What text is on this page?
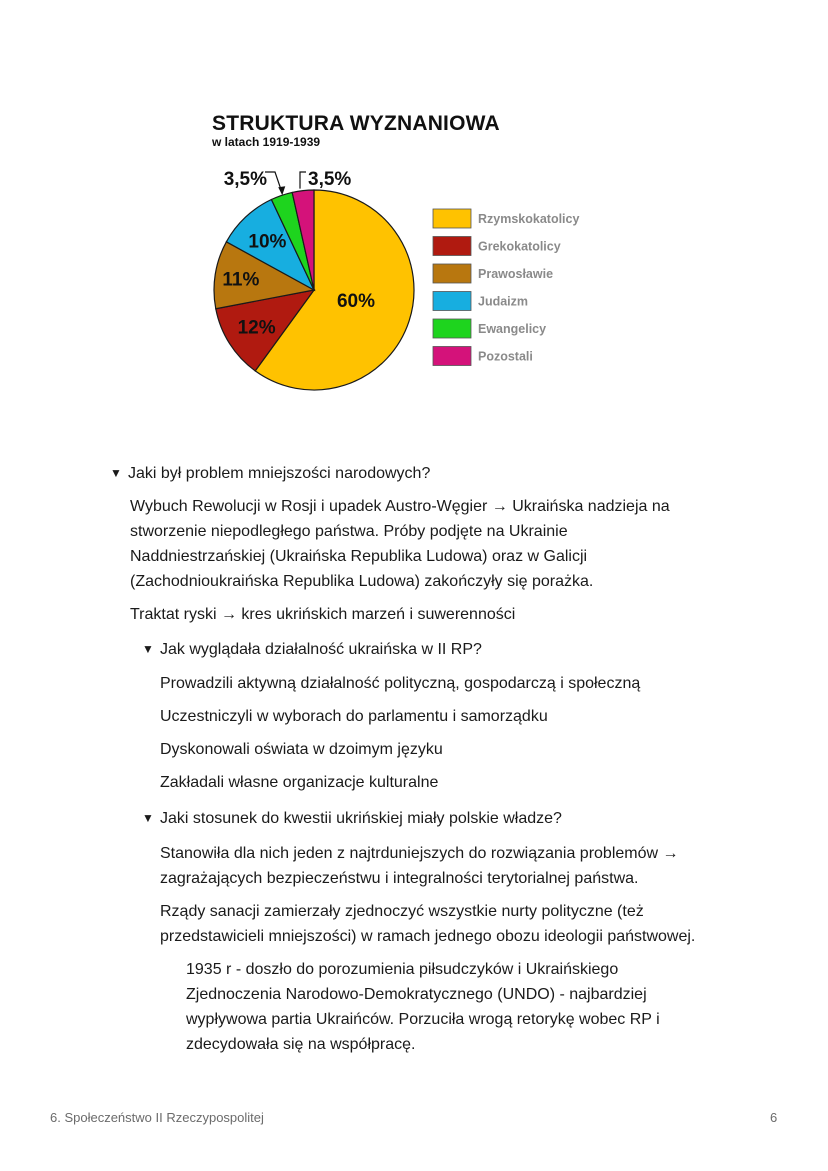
STRUKTURA WYZNANIOWA
w latach 1919-1939
60%
12%
11%
10%
3,5% 3,5%
Rzymskokatolicy
Grekokatolicy
Prawosławie
Judaizm
Ewangelicy
Pozostali
▼ Jaki był problem mniejszości narodowych?
Wybuch Rewolucji w Rosji i upadek Austro-Węgier → Ukraińska nadzieja na
stworzenie niepodległego państwa. Próby podjęte na Ukrainie
Naddniestrzańskiej (Ukraińska Republika Ludowa) oraz w Galicji
(Zachodnioukraińska Republika Ludowa) zakończyły się porażka.
Traktat ryski → kres ukrińskich marzeń i suwerenności
▼ Jak wyglądała działalność ukraińska w II RP?
Prowadzili aktywną działalność polityczną, gospodarczą i społeczną
Uczestniczyli w wyborach do parlamentu i samorządku
Dyskonowali oświata w dzoimym języku
Zakładali własne organizacje kulturalne
▼ Jaki stosunek do kwestii ukrińskiej miały polskie władze?
Stanowiła dla nich jeden z najtrduniejszych do rozwiązania problemów →
zagrażających bezpieczeństwu i integralności terytorialnej państwa.
Rządy sanacji zamierzały zjednoczyć wszystkie nurty polityczne (też
przedstawicieli mniejszości) w ramach jednego obozu ideologii państwowej.
1935 r - doszło do porozumienia piłsudczyków i Ukraińskiego
Zjednoczenia Narodowo-Demokratycznego (UNDO) - najbardziej
wypływowa partia Ukraińców. Porzuciła wrogą retorykę wobec RP i
zdecydowała się na współpracę.
6. Społeczeństwo II Rzeczypospolitej	6
